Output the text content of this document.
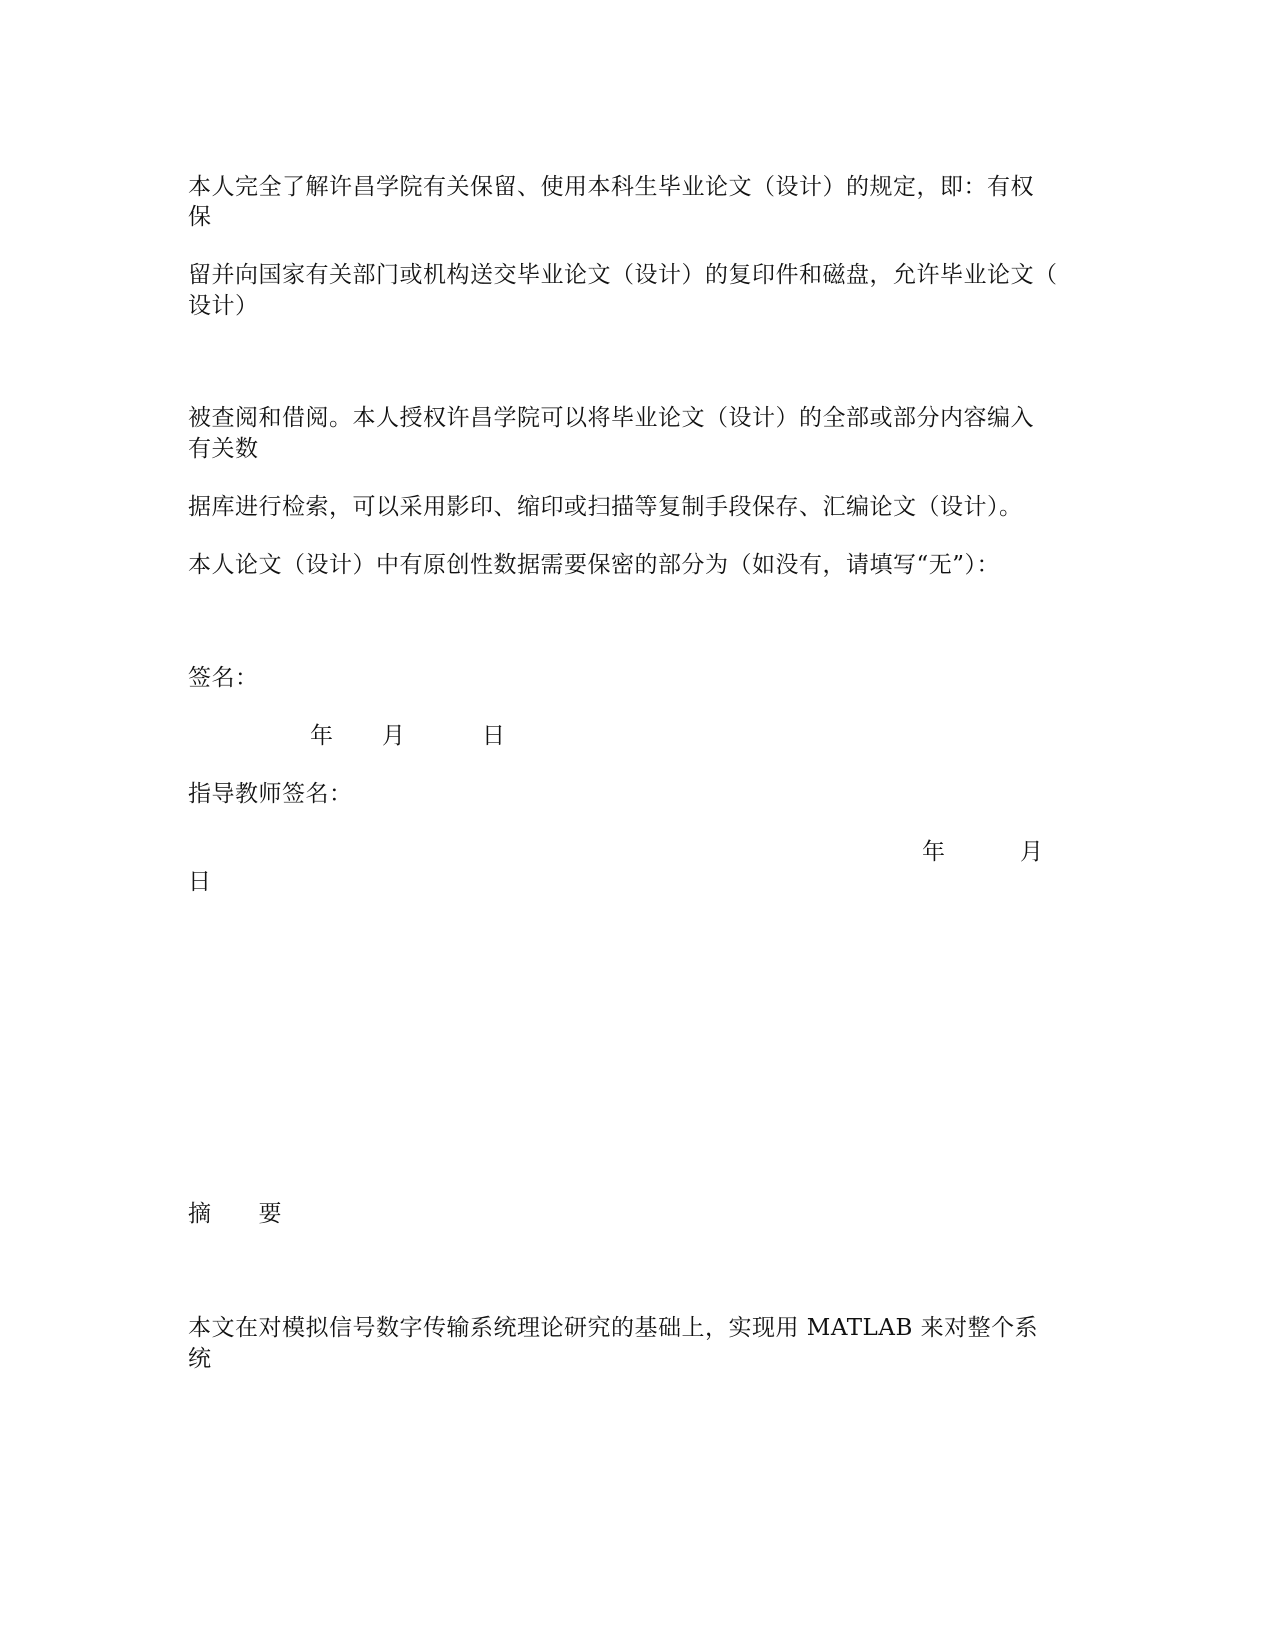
本人完全了解许昌学院有关保留、使用本科生毕业论文（设计）的规定，即：有权
保
留并向国家有关部门或机构送交毕业论文（设计）的复印件和磁盘，允许毕业论文（
设计）
被查阅和借阅。本人授权许昌学院可以将毕业论文（设计）的全部或部分内容编入
有关数
据库进行检索，可以采用影印、缩印或扫描等复制手段保存、汇编论文（设计）。
本人论文（设计）中有原创性数据需要保密的部分为（如没有，请填写“无”）：
签名：
年 月	日
指导教师签名：
年	月
日
摘　　要
本文在对模拟信号数字传输系统理论研究的基础上，实现用 MATLAB 来对整个系
统
